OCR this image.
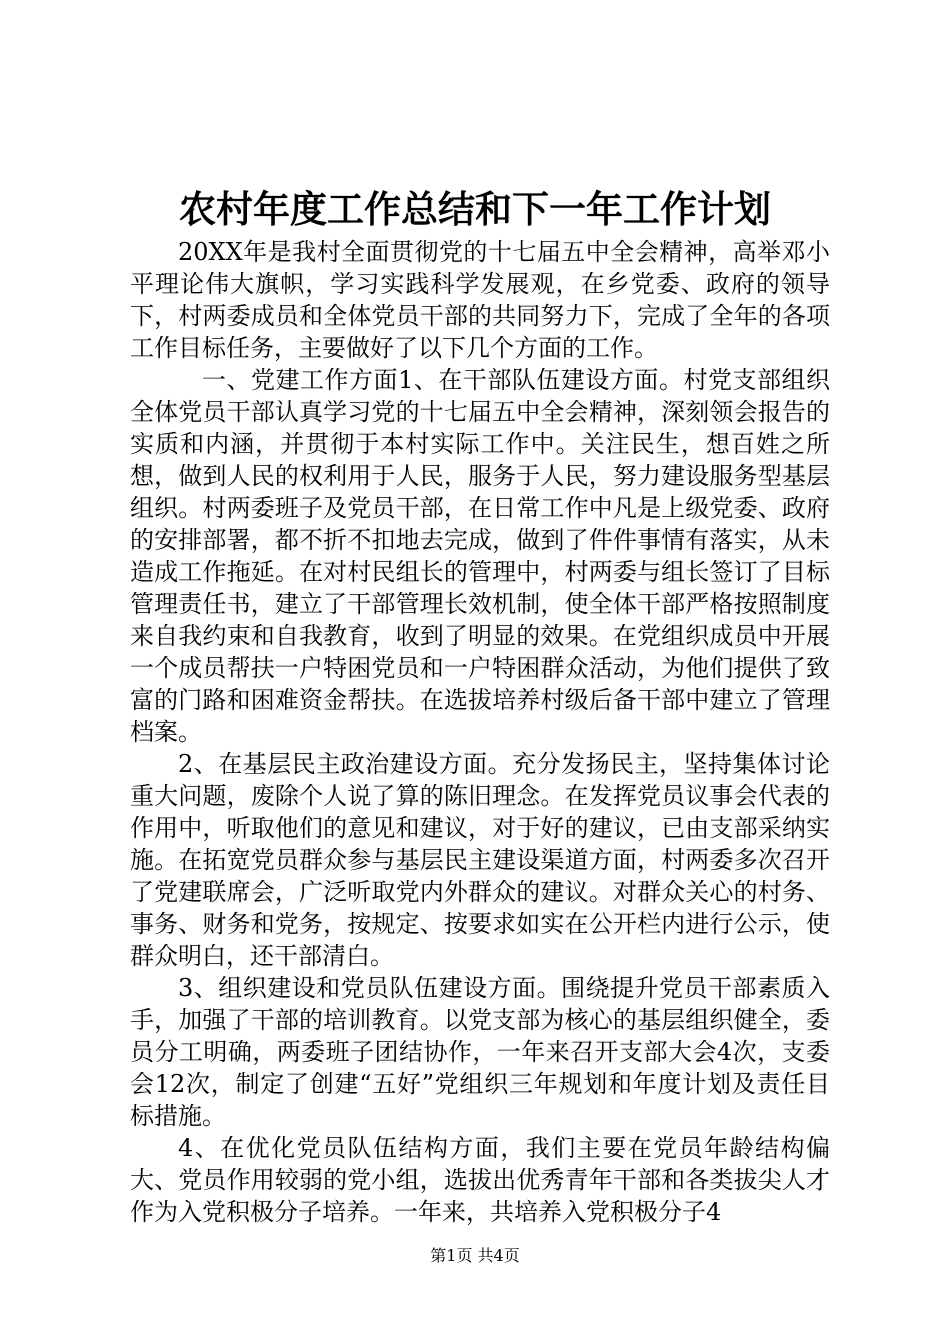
农村年度工作总结和下一年工作计划

20XX年是我村全面贯彻党的十七届五中全会精神，高举邓小平理论伟大旗帜，学习实践科学发展观，在乡党委、政府的领导下，村两委成员和全体党员干部的共同努力下，完成了全年的各项工作目标任务，主要做好了以下几个方面的工作。

一、党建工作方面1、在干部队伍建设方面。村党支部组织全体党员干部认真学习党的十七届五中全会精神，深刻领会报告的实质和内涵，并贯彻于本村实际工作中。关注民生，想百姓之所想，做到人民的权利用于人民，服务于人民，努力建设服务型基层组织。村两委班子及党员干部，在日常工作中凡是上级党委、政府的安排部署，都不折不扣地去完成，做到了件件事情有落实，从未造成工作拖延。在对村民组长的管理中，村两委与组长签订了目标管理责任书，建立了干部管理长效机制，使全体干部严格按照制度来自我约束和自我教育，收到了明显的效果。在党组织成员中开展一个成员帮扶一户特困党员和一户特困群众活动，为他们提供了致富的门路和困难资金帮扶。在选拔培养村级后备干部中建立了管理档案。

2、在基层民主政治建设方面。充分发扬民主，坚持集体讨论重大问题，废除个人说了算的陈旧理念。在发挥党员议事会代表的作用中，听取他们的意见和建议，对于好的建议，已由支部采纳实施。在拓宽党员群众参与基层民主建设渠道方面，村两委多次召开了党建联席会，广泛听取党内外群众的建议。对群众关心的村务、事务、财务和党务，按规定、按要求如实在公开栏内进行公示，使群众明白，还干部清白。

3、组织建设和党员队伍建设方面。围绕提升党员干部素质入手，加强了干部的培训教育。以党支部为核心的基层组织健全，委员分工明确，两委班子团结协作，一年来召开支部大会4次，支委会12次，制定了创建“五好”党组织三年规划和年度计划及责任目标措施。

4、在优化党员队伍结构方面，我们主要在党员年龄结构偏大、党员作用较弱的党小组，选拔出优秀青年干部和各类拔尖人才作为入党积极分子培养。一年来，共培养入党积极分子4

第1页 共4页
